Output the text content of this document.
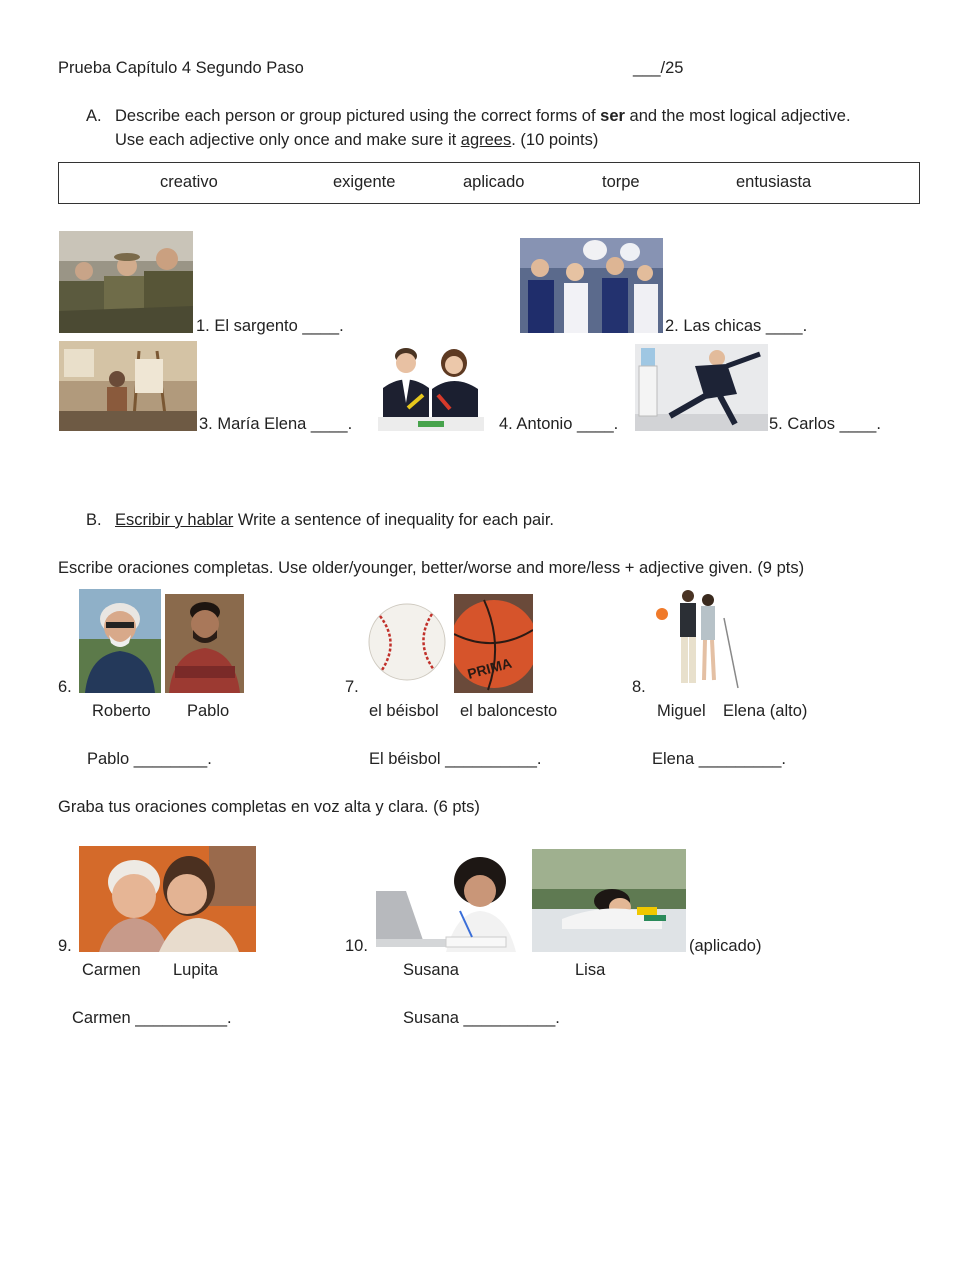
Prueba Capítulo 4 Segundo Paso	___/25
A. Describe each person or group pictured using the correct forms of ser and the most logical adjective.
Use each adjective only once and make sure it agrees. (10 points)
creativo	exigente	aplicado	torpe	entusiasta
1. El sargento ____.	2. Las chicas ____.
3. María Elena ____.	4. Antonio ____.	5. Carlos ____.
B. Escribir y hablar Write a sentence of inequality for each pair.
Escribe oraciones completas. Use older/younger, better/worse and more/less + adjective given. (9 pts)
6.
Roberto Pablo
Pablo ________.
PRIMA
7.
el béisbol el baloncesto
El béisbol __________.
8.
Miguel Elena (alto)
Elena _________.
Graba tus oraciones completas en voz alta y clara. (6 pts)
9.
Carmen Lupita
Carmen __________.
10.	(aplicado)
Susana	Lisa
Susana __________.
